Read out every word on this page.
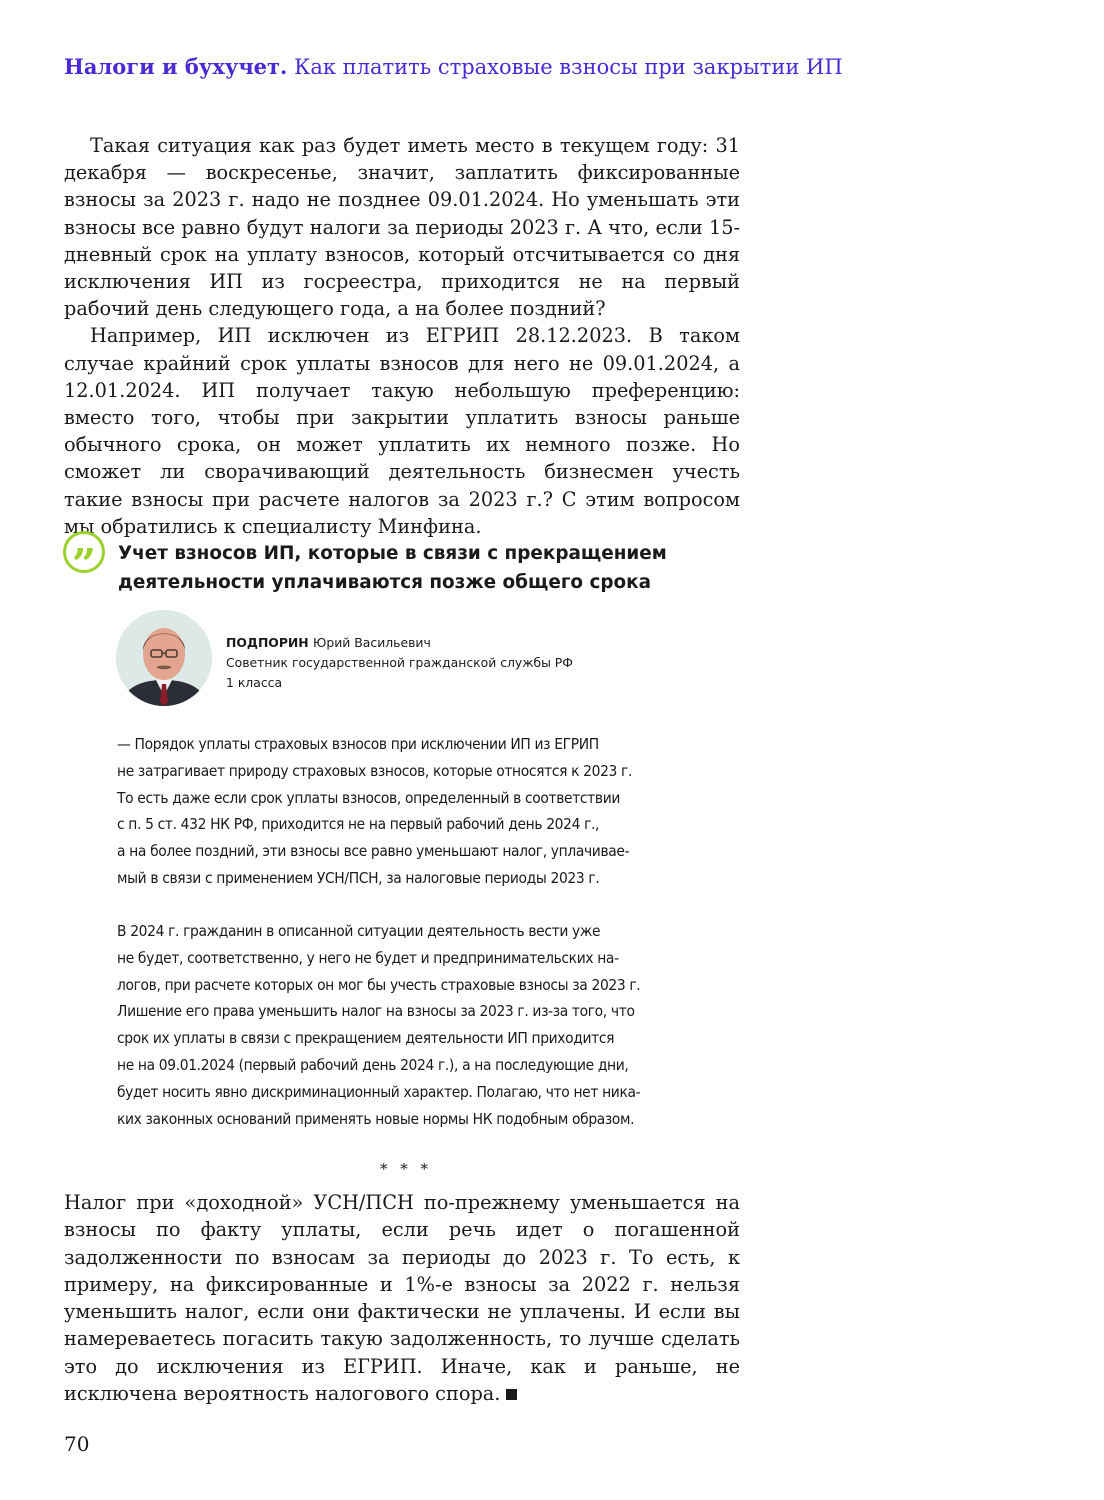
Налоги и бухучет. Как платить страховые взносы при закрытии ИП

Такая ситуация как раз будет иметь место в текущем году: 31 декабря — воскресенье, значит, заплатить фиксированные взносы за 2023 г. надо не позднее 09.01.2024. Но уменьшать эти взносы все равно будут налоги за периоды 2023 г. А что, если 15-дневный срок на уплату взносов, который отсчитывается со дня исключения ИП из госреестра, приходится не на первый рабочий день следующего года, а на более поздний?

Например, ИП исключен из ЕГРИП 28.12.2023. В таком случае крайний срок уплаты взносов для него не 09.01.2024, а 12.01.2024. ИП получает такую небольшую преференцию: вместо того, чтобы при закрытии уплатить взносы раньше обычного срока, он может уплатить их немного позже. Но сможет ли сворачивающий деятельность бизнесмен учесть такие взносы при расчете налогов за 2023 г.? С этим вопросом мы обратились к специалисту Минфина.

”	Учет взносов ИП, которые в связи с прекращением
деятельности уплачиваются позже общего срока
ПОДПОРИН Юрий Васильевич
Советник государственной гражданской службы РФ
1 класса
— Порядок уплаты страховых взносов при исключении ИП из ЕГРИП
не затрагивает природу страховых взносов, которые относятся к 2023 г.
То есть даже если срок уплаты взносов, определенный в соответствии
с п. 5 ст. 432 НК РФ, приходится не на первый рабочий день 2024 г.,
а на более поздний, эти взносы все равно уменьшают налог, уплачивае-
мый в связи с применением УСН/ПСН, за налоговые периоды 2023 г.
В 2024 г. гражданин в описанной ситуации деятельность вести уже
не будет, соответственно, у него не будет и предпринимательских на-
логов, при расчете которых он мог бы учесть страховые взносы за 2023 г.
Лишение его права уменьшить налог на взносы за 2023 г. из-за того, что
срок их уплаты в связи с прекращением деятельности ИП приходится
не на 09.01.2024 (первый рабочий день 2024 г.), а на последующие дни,
будет носить явно дискриминационный характер. Полагаю, что нет ника-
ких законных оснований применять новые нормы НК подобным образом.
* * *
Налог при «доходной» УСН/ПСН по-прежнему уменьшается на взносы по факту уплаты, если речь идет о погашенной задолженности по взносам за периоды до 2023 г. То есть, к примеру, на фиксированные и 1%-е взносы за 2022 г. нельзя уменьшить налог, если они фактически не уплачены. И если вы намереваетесь погасить такую задолженность, то лучше сделать это до исключения из ЕГРИП. Иначе, как и раньше, не исключена вероятность налогового спора.
70
